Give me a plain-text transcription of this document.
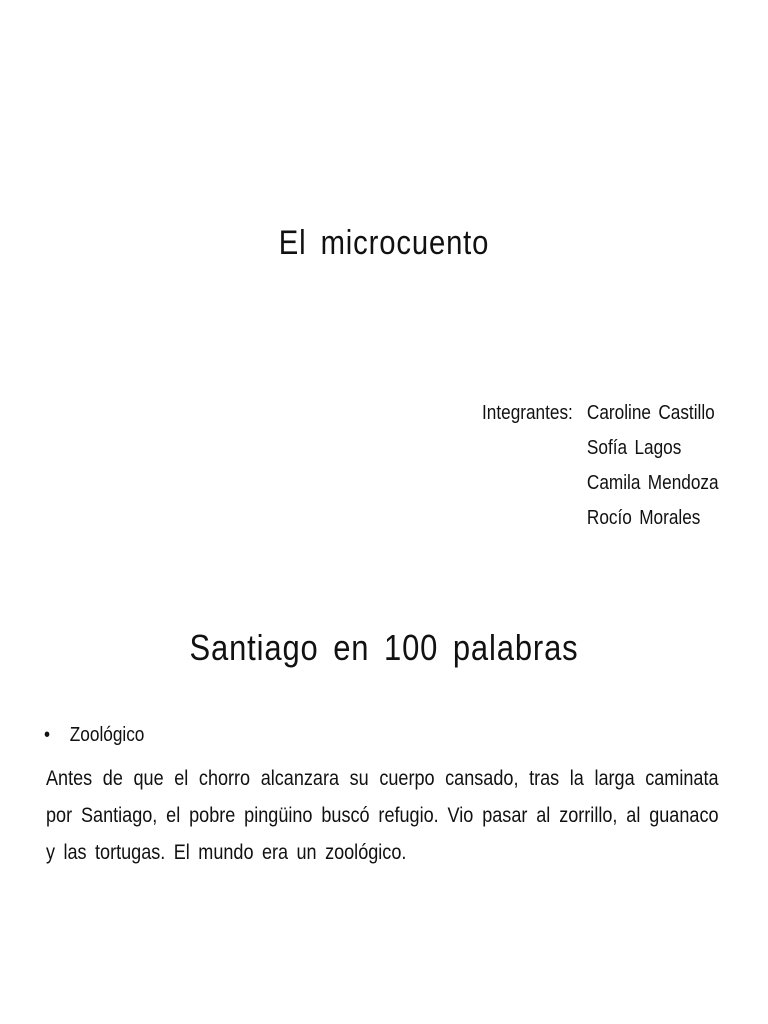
El microcuento
Integrantes: Caroline Castillo
Sofía Lagos
Camila Mendoza
Rocío Morales
Santiago en 100 palabras
• Zoológico

Antes de que el chorro alcanzara su cuerpo cansado, tras la larga caminata por Santiago, el pobre pingüino buscó refugio. Vio pasar al zorrillo, al guanaco y las tortugas. El mundo era un zoológico.
